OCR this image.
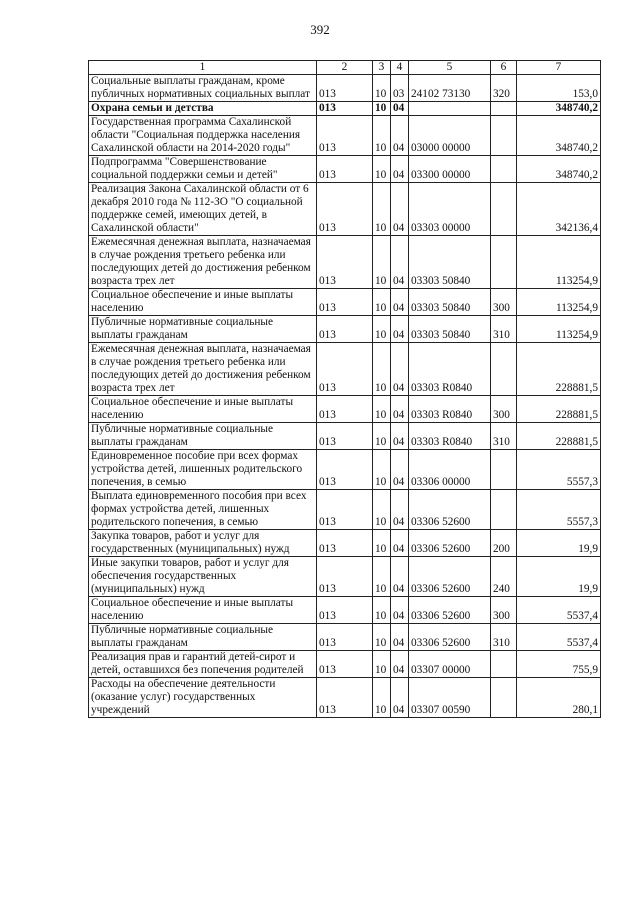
392
1	2	3	4	5	6	7
Социальные выплаты гражданам, кроме публичных нормативных социальных выплат	013	10	03	24102 73130	320	153,0
Охрана семьи и детства	013	10	04			348740,2
Государственная программа Сахалинской области "Социальная поддержка населения Сахалинской области на 2014-2020 годы"	013	10	04	03000 00000		348740,2
Подпрограмма "Совершенствование социальной поддержки семьи и детей"	013	10	04	03300 00000		348740,2
Реализация Закона Сахалинской области от 6 декабря 2010 года № 112-ЗО "О социальной поддержке семей, имеющих детей, в Сахалинской области"	013	10	04	03303 00000		342136,4
Ежемесячная денежная выплата, назначаемая в случае рождения третьего ребенка или последующих детей до достижения ребенком возраста трех лет	013	10	04	03303 50840		113254,9
Социальное обеспечение и иные выплаты населению	013	10	04	03303 50840	300	113254,9
Публичные нормативные социальные выплаты гражданам	013	10	04	03303 50840	310	113254,9
Ежемесячная денежная выплата, назначаемая в случае рождения третьего ребенка или последующих детей до достижения ребенком возраста трех лет	013	10	04	03303 R0840		228881,5
Социальное обеспечение и иные выплаты населению	013	10	04	03303 R0840	300	228881,5
Публичные нормативные социальные выплаты гражданам	013	10	04	03303 R0840	310	228881,5
Единовременное пособие при всех формах устройства детей, лишенных родительского попечения, в семью	013	10	04	03306 00000		5557,3
Выплата единовременного пособия при всех формах устройства детей, лишенных родительского попечения, в семью	013	10	04	03306 52600		5557,3
Закупка товаров, работ и услуг для государственных (муниципальных) нужд	013	10	04	03306 52600	200	19,9
Иные закупки товаров, работ и услуг для обеспечения государственных (муниципальных) нужд	013	10	04	03306 52600	240	19,9
Социальное обеспечение и иные выплаты населению	013	10	04	03306 52600	300	5537,4
Публичные нормативные социальные выплаты гражданам	013	10	04	03306 52600	310	5537,4
Реализация прав и гарантий детей-сирот и детей, оставшихся без попечения родителей	013	10	04	03307 00000		755,9
Расходы на обеспечение деятельности (оказание услуг) государственных учреждений	013	10	04	03307 00590		280,1
